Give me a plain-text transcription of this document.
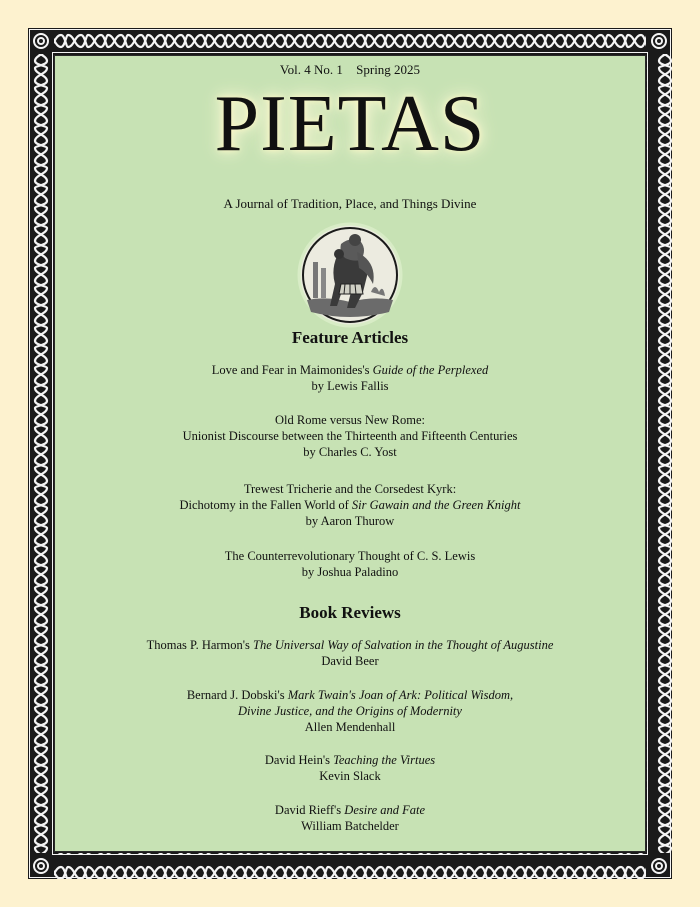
Vol. 4 No. 1 Spring 2025
PIETAS
A Journal of Tradition, Place, and Things Divine
Feature Articles
Love and Fear in Maimonides's Guide of the Perplexed
by Lewis Fallis
Old Rome versus New Rome:
Unionist Discourse between the Thirteenth and Fifteenth Centuries
by Charles C. Yost
Trewest Tricherie and the Corsedest Kyrk:
Dichotomy in the Fallen World of Sir Gawain and the Green Knight
by Aaron Thurow
The Counterrevolutionary Thought of C. S. Lewis
by Joshua Paladino
Book Reviews
Thomas P. Harmon's The Universal Way of Salvation in the Thought of Augustine
David Beer
Bernard J. Dobski's Mark Twain's Joan of Ark: Political Wisdom,
Divine Justice, and the Origins of Modernity
Allen Mendenhall
David Hein's Teaching the Virtues
Kevin Slack
David Rieff's Desire and Fate
William Batchelder
